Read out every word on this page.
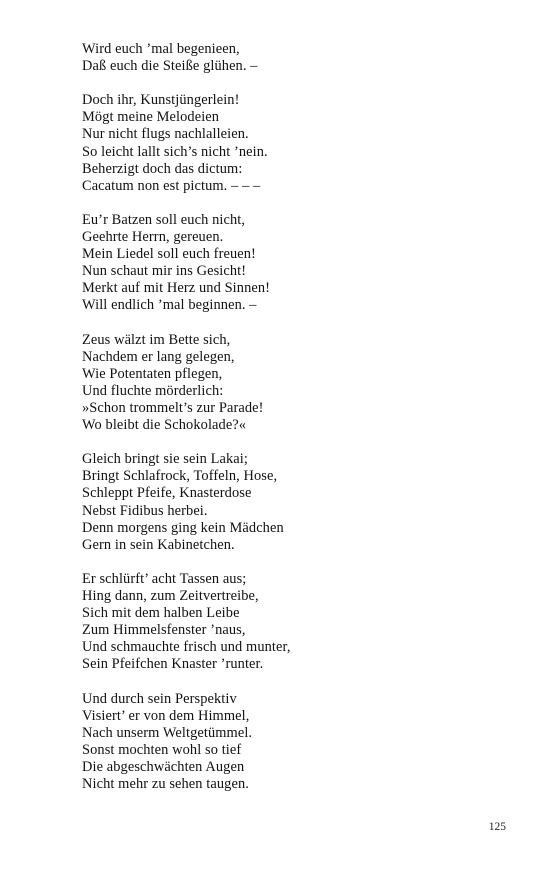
Wird euch ’mal begenieen,
Daß euch die Steiße glühen. –
Doch ihr, Kunstjüngerlein!
Mögt meine Melodeien
Nur nicht flugs nachlalleien.
So leicht lallt sich’s nicht ’nein.
Beherzigt doch das dictum:
Cacatum non est pictum. – – –
Eu’r Batzen soll euch nicht,
Geehrte Herrn, gereuen.
Mein Liedel soll euch freuen!
Nun schaut mir ins Gesicht!
Merkt auf mit Herz und Sinnen!
Will endlich ’mal beginnen. –
Zeus wälzt im Bette sich,
Nachdem er lang gelegen,
Wie Potentaten pflegen,
Und fluchte mörderlich:
»Schon trommelt’s zur Parade!
Wo bleibt die Schokolade?«
Gleich bringt sie sein Lakai;
Bringt Schlafrock, Toffeln, Hose,
Schleppt Pfeife, Knasterdose
Nebst Fidibus herbei.
Denn morgens ging kein Mädchen
Gern in sein Kabinetchen.
Er schlürft’ acht Tassen aus;
Hing dann, zum Zeitvertreibe,
Sich mit dem halben Leibe
Zum Himmelsfenster ’naus,
Und schmauchte frisch und munter,
Sein Pfeifchen Knaster ’runter.
Und durch sein Perspektiv
Visiert’ er von dem Himmel,
Nach unserm Weltgetümmel.
Sonst mochten wohl so tief
Die abgeschwächten Augen
Nicht mehr zu sehen taugen.
125
